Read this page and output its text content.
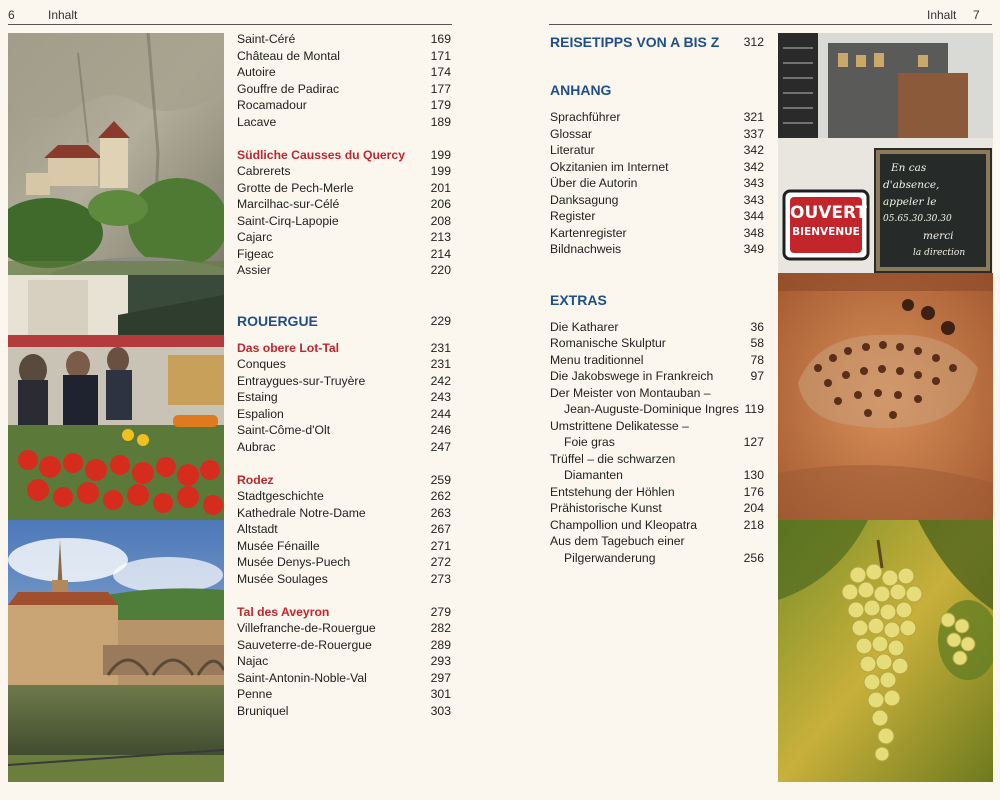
6	Inhalt	Inhalt 7
OUVERT
BIENVENUE
En cas
d'absence,
appeler le
05.65.30.30.30
merci
la direction
Saint-Céré	169
Château de Montal	171
Autoire	174
Gouffre de Padirac	177
Rocamadour	179
Lacave	189
Südliche Causses du Quercy 199
Cabrerets	199
Grotte de Pech-Merle	201
Marcilhac-sur-Célé	206
Saint-Cirq-Lapopie	208
Cajarc	213
Figeac	214
Assier	220
ROUERGUE	229
Das obere Lot-Tal	231
Conques	231
Entraygues-sur-Truyère	242
Estaing	243
Espalion	244
Saint-Côme-d'Olt	246
Aubrac	247
Rodez	259
Stadtgeschichte	262
Kathedrale Notre-Dame	263
Altstadt	267
Musée Fénaille	271
Musée Denys-Puech	272
Musée Soulages	273
Tal des Aveyron	279
Villefranche-de-Rouergue	282
Sauveterre-de-Rouergue	289
Najac	293
Saint-Antonin-Noble-Val	297
Penne	301
Bruniquel	303
REISETIPPS VON A BIS Z 312
ANHANG
Sprachführer	321
Glossar	337
Literatur	342
Okzitanien im Internet	342
Über die Autorin	343
Danksagung	343
Register	344
Kartenregister	348
Bildnachweis	349
EXTRAS
Die Katharer	36
Romanische Skulptur	58
Menu traditionnel	78
Die Jakobswege in Frankreich	97
Der Meister von Montauban –
Jean-Auguste-Dominique Ingres 119
Umstrittene Delikatesse –
Foie gras	127
Trüffel – die schwarzen
Diamanten	130
Entstehung der Höhlen	176
Prähistorische Kunst	204
Champollion und Kleopatra	218
Aus dem Tagebuch einer
Pilgerwanderung	256
